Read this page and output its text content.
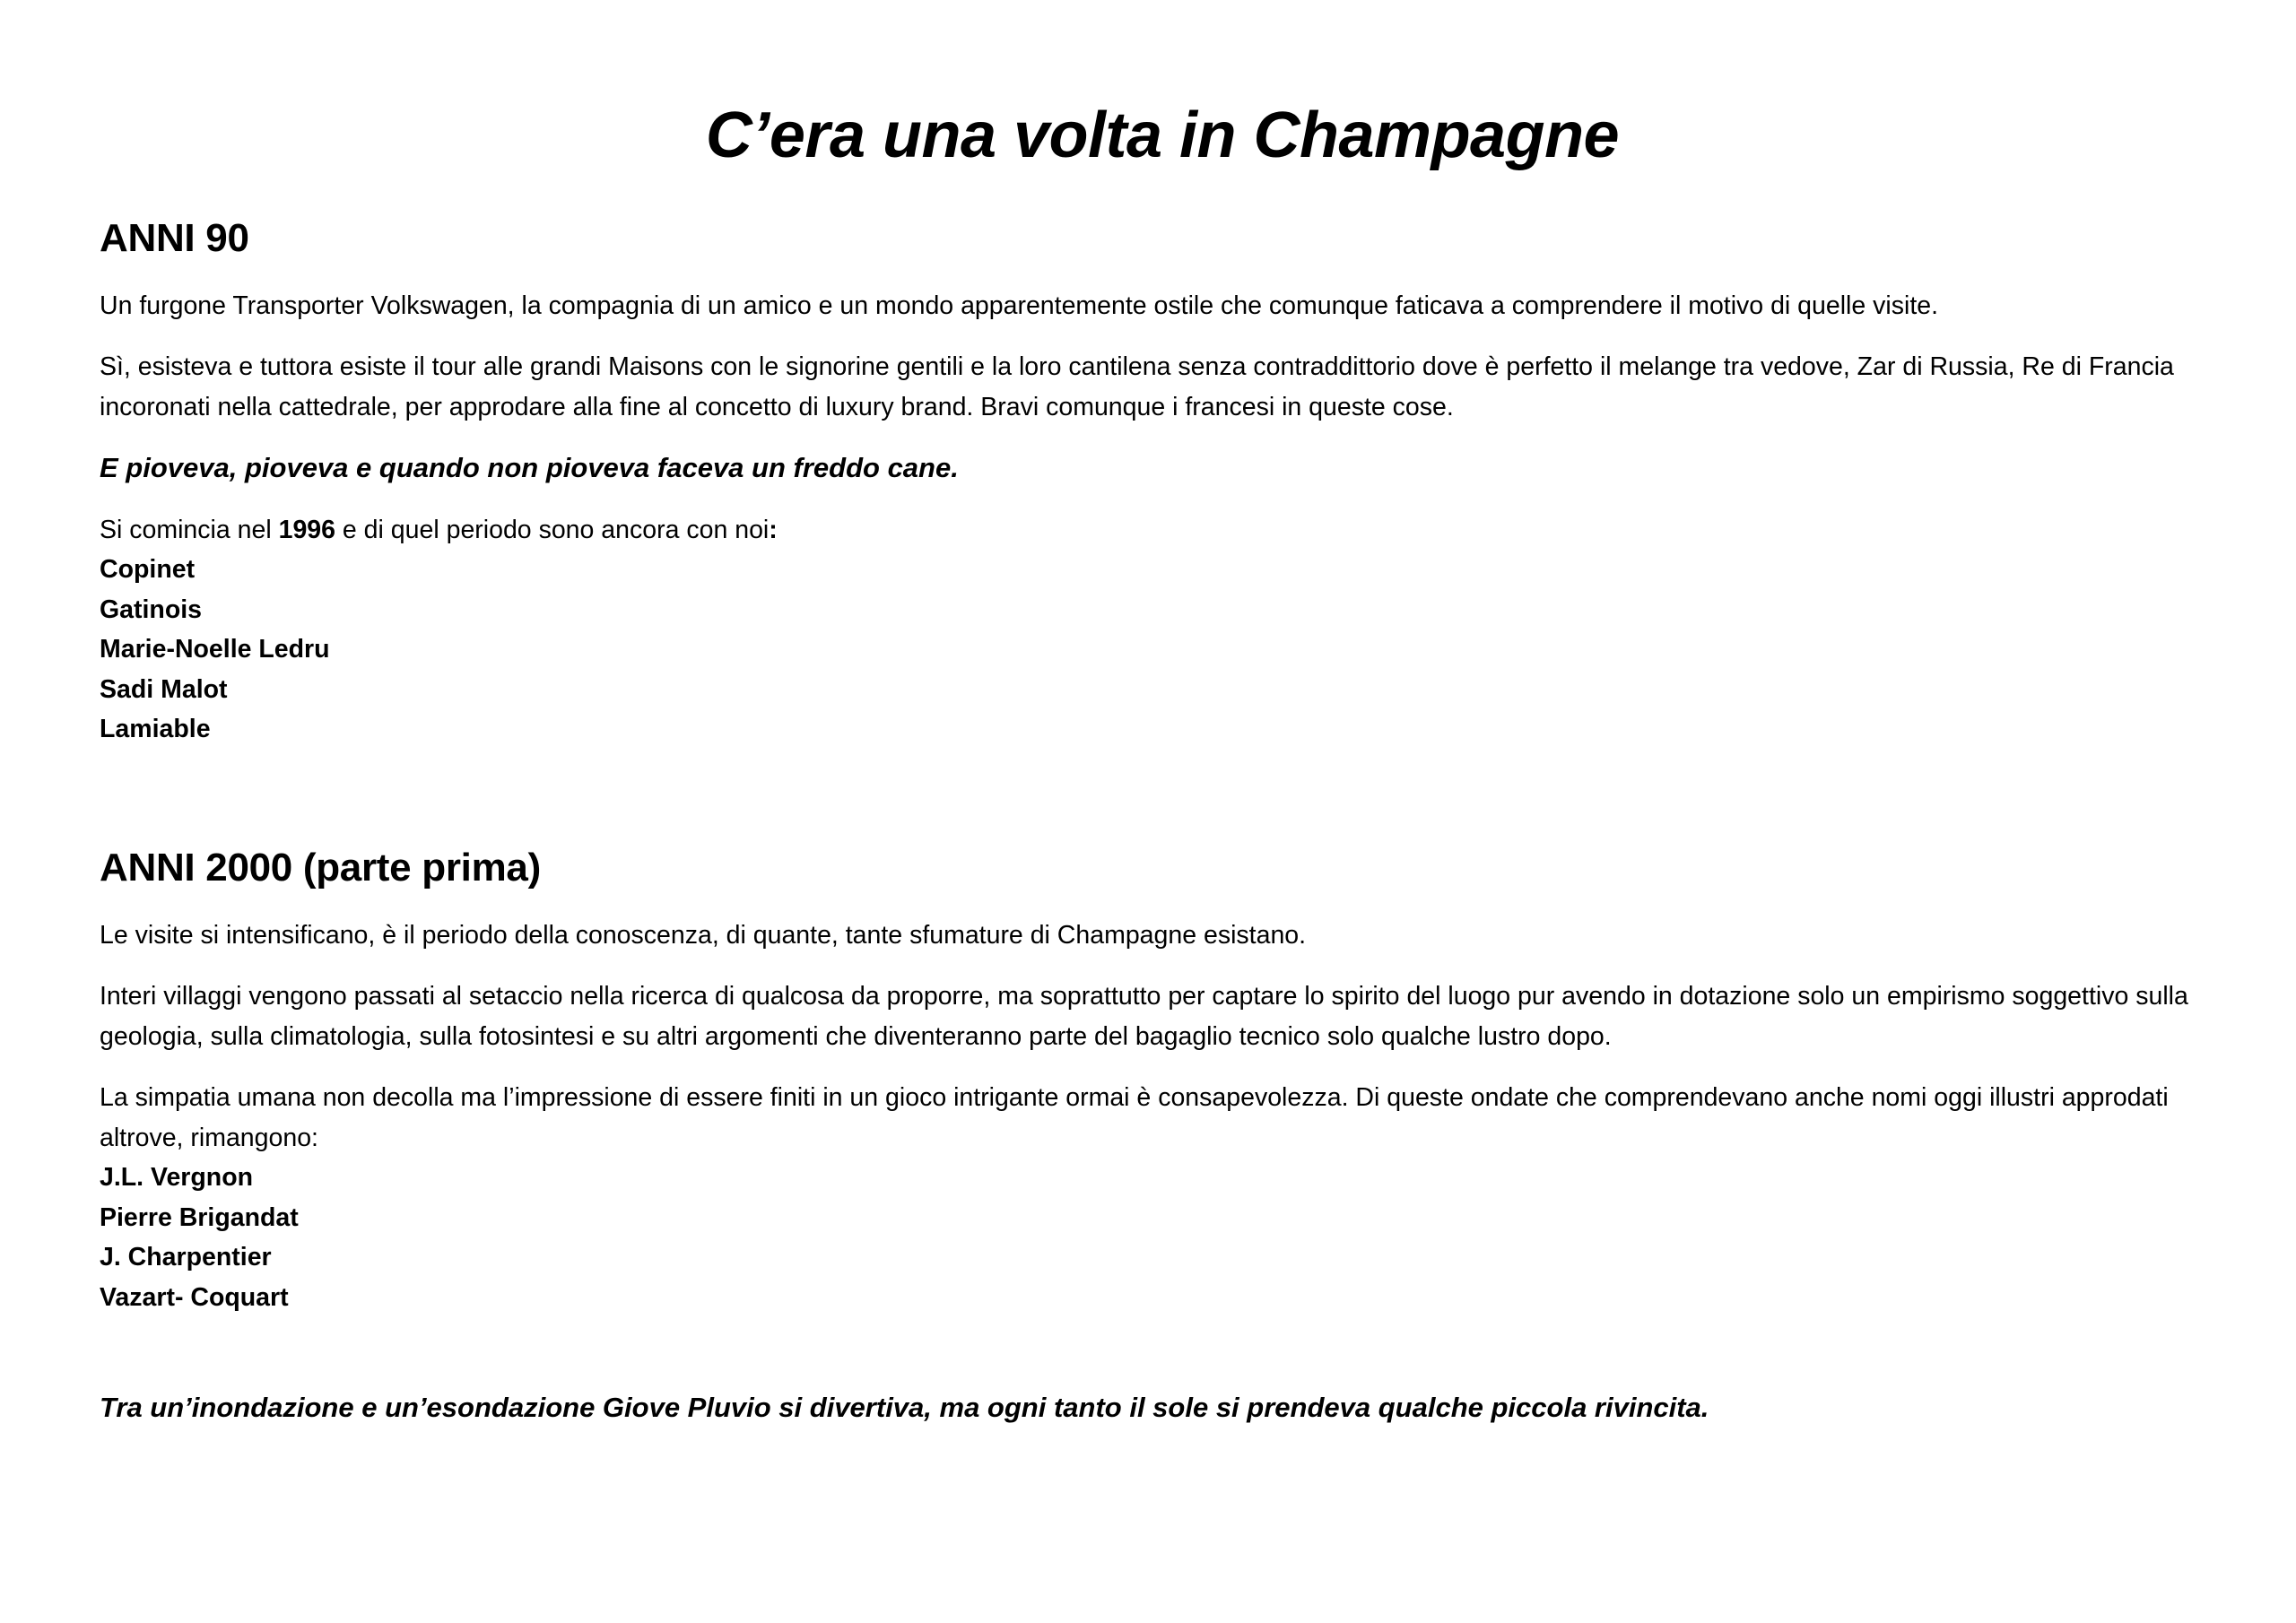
C’era una volta in Champagne
ANNI 90

Un furgone Transporter Volkswagen, la compagnia di un amico e un mondo apparentemente ostile che comunque faticava a comprendere il motivo di quelle visite.

Sì, esisteva e tuttora esiste il tour alle grandi Maisons con le signorine gentili e la loro cantilena senza contraddittorio dove è perfetto il melange tra vedove, Zar di Russia, Re di Francia incoronati nella cattedrale, per approdare alla fine al concetto di luxury brand. Bravi comunque i francesi in queste cose.

E pioveva, pioveva e quando non pioveva faceva un freddo cane.

Si comincia nel 1996 e di quel periodo sono ancora con noi:

Copinet
Gatinois
Marie-Noelle Ledru
Sadi Malot
Lamiable
ANNI 2000 (parte prima)

Le visite si intensificano, è il periodo della conoscenza, di quante, tante sfumature di Champagne esistano.

Interi villaggi vengono passati al setaccio nella ricerca di qualcosa da proporre, ma soprattutto per captare lo spirito del luogo pur avendo in dotazione solo un empirismo soggettivo sulla geologia, sulla climatologia, sulla fotosintesi e su altri argomenti che diventeranno parte del bagaglio tecnico solo qualche lustro dopo.

La simpatia umana non decolla ma l’impressione di essere finiti in un gioco intrigante ormai è consapevolezza. Di queste ondate che comprendevano anche nomi oggi illustri approdati altrove, rimangono:

J.L. Vergnon
Pierre Brigandat
J. Charpentier
Vazart- Coquart

Tra un’inondazione e un’esondazione Giove Pluvio si divertiva, ma ogni tanto il sole si prendeva qualche piccola rivincita.
